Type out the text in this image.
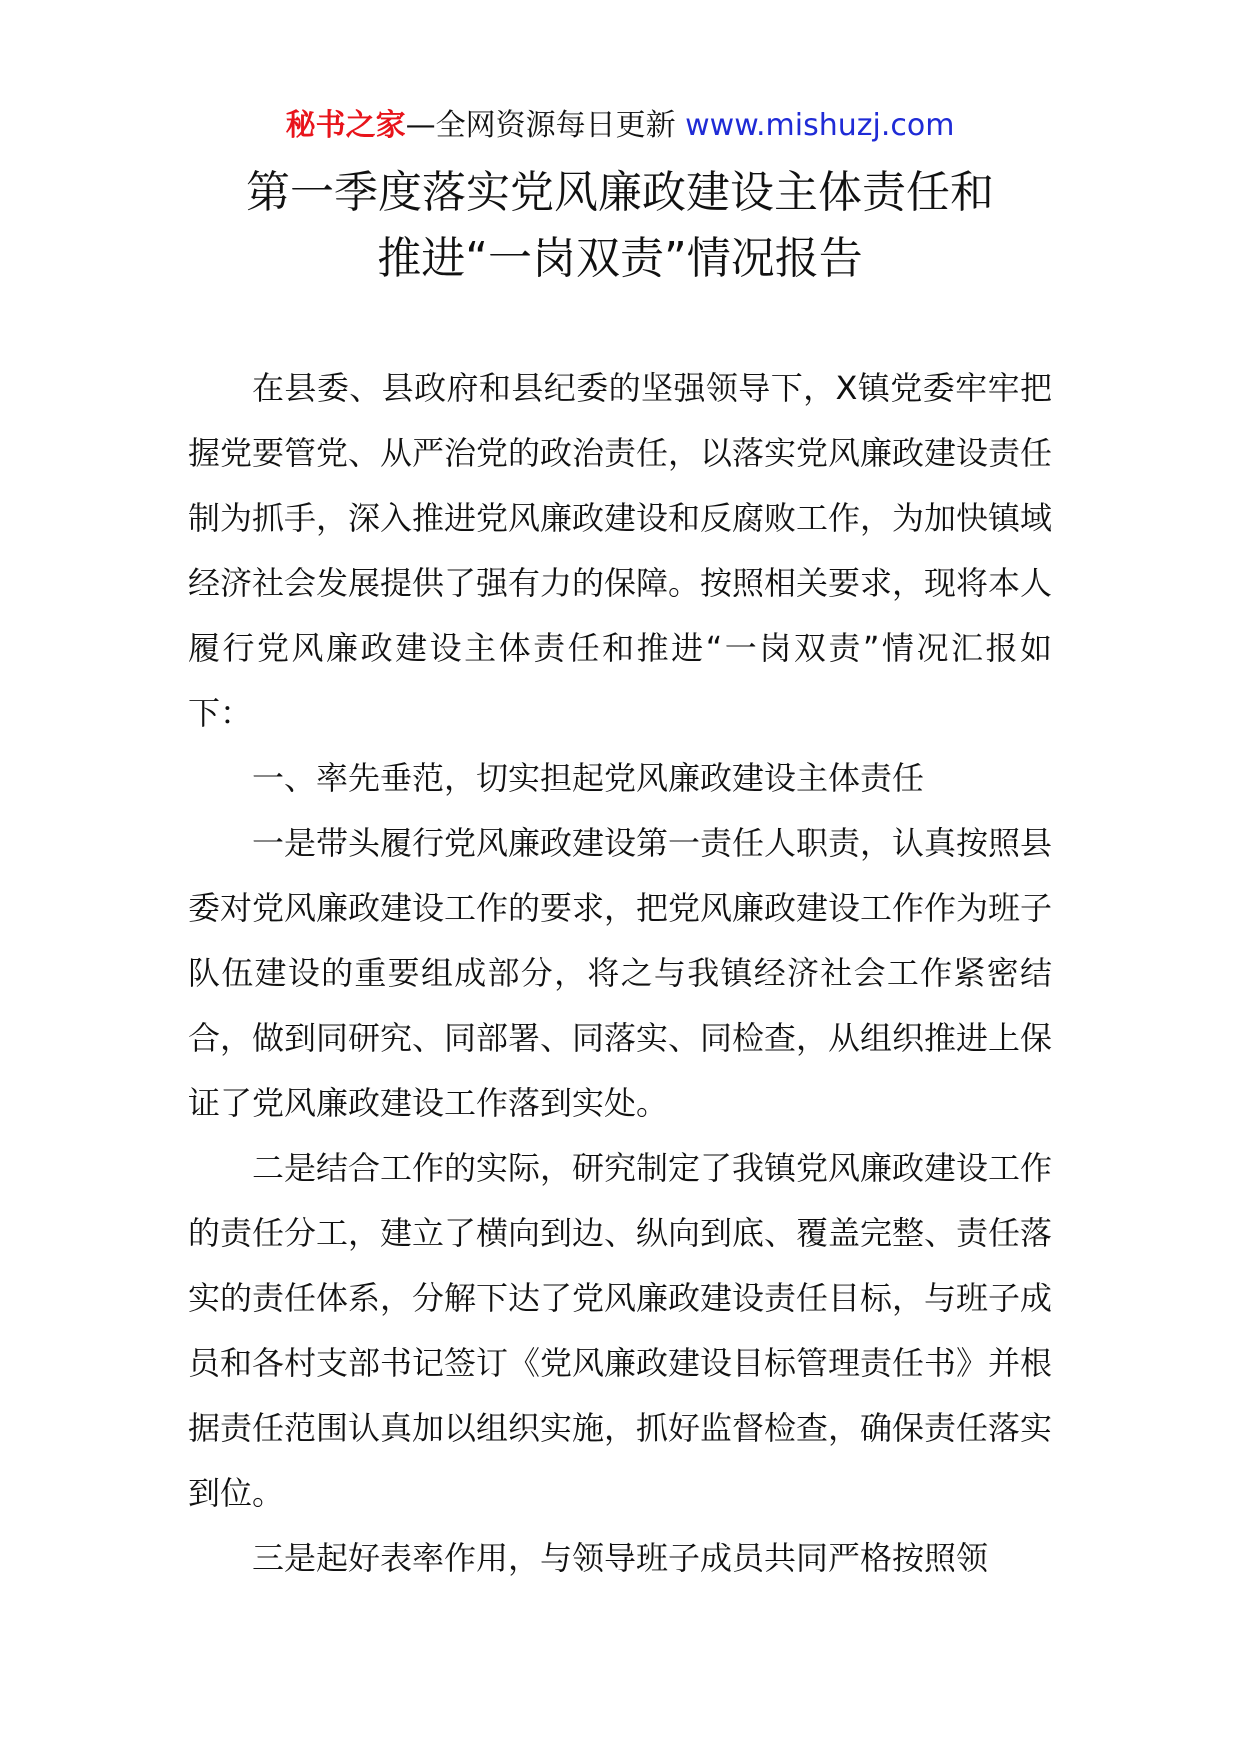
秘书之家—全网资源每日更新 www.mishuzj.com
第一季度落实党风廉政建设主体责任和
推进“一岗双责”情况报告

在县委、县政府和县纪委的坚强领导下，X镇党委牢牢把握党要管党、从严治党的政治责任，以落实党风廉政建设责任制为抓手，深入推进党风廉政建设和反腐败工作，为加快镇域经济社会发展提供了强有力的保障。按照相关要求，现将本人履行党风廉政建设主体责任和推进“一岗双责”情况汇报如下：

一、率先垂范，切实担起党风廉政建设主体责任

一是带头履行党风廉政建设第一责任人职责，认真按照县委对党风廉政建设工作的要求，把党风廉政建设工作作为班子队伍建设的重要组成部分，将之与我镇经济社会工作紧密结合，做到同研究、同部署、同落实、同检查，从组织推进上保证了党风廉政建设工作落到实处。

二是结合工作的实际，研究制定了我镇党风廉政建设工作的责任分工，建立了横向到边、纵向到底、覆盖完整、责任落实的责任体系，分解下达了党风廉政建设责任目标，与班子成员和各村支部书记签订《党风廉政建设目标管理责任书》并根据责任范围认真加以组织实施，抓好监督检查，确保责任落实到位。

三是起好表率作用，与领导班子成员共同严格按照领
